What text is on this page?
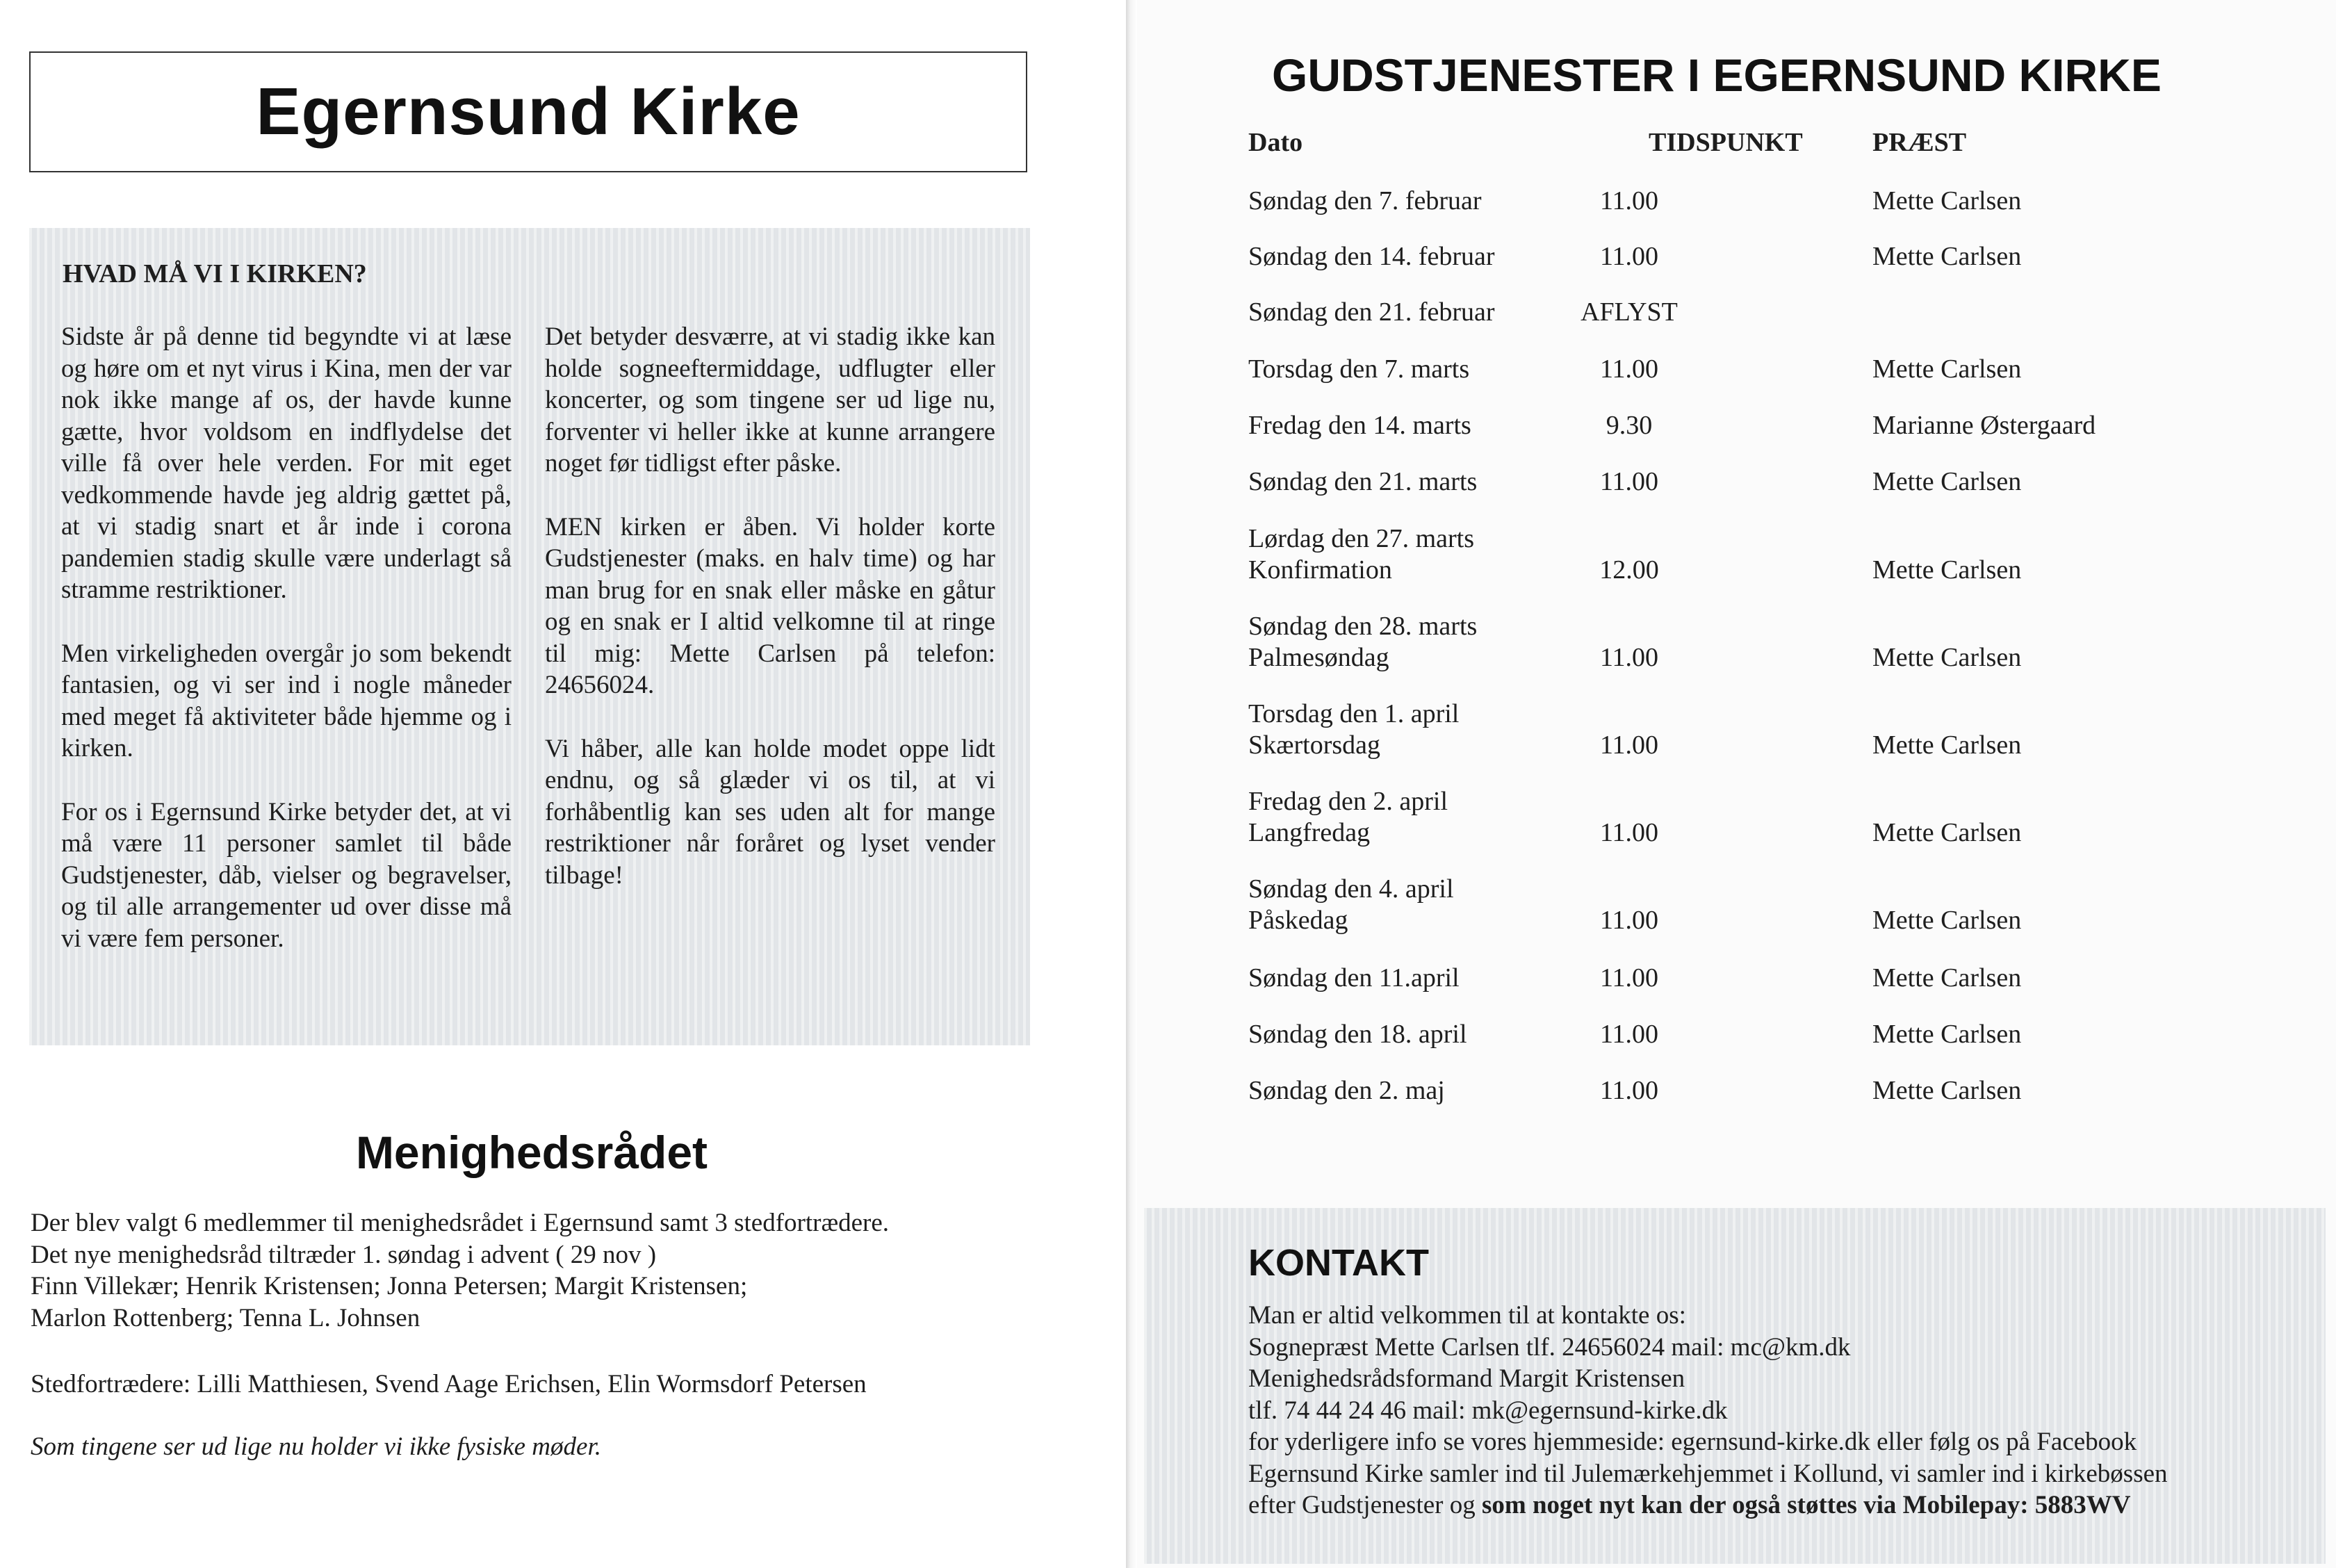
Egernsund Kirke
HVAD MÅ VI I KIRKEN?

Sidste år på denne tid begyndte vi at læse og høre om et nyt virus i Kina, men der var nok ikke mange af os, der havde kunne gætte, hvor voldsom en indflydelse det ville få over hele verden. For mit eget vedkommende havde jeg aldrig gættet på, at vi stadig snart et år inde i corona pandemien stadig skulle være underlagt så stramme restriktioner.

Men virkeligheden overgår jo som bekendt fantasien, og vi ser ind i nogle måneder med meget få aktiviteter både hjemme og i kirken.

For os i Egernsund Kirke betyder det, at vi må være 11 personer samlet til både Gudstjenester, dåb, vielser og begravelser, og til alle arrangementer ud over disse må vi være fem personer.

Det betyder desværre, at vi stadig ikke kan holde sogneeftermiddage, udflugter eller koncerter, og som tingene ser ud lige nu, forventer vi heller ikke at kunne arrangere noget før tidligst efter påske.

MEN kirken er åben. Vi holder korte Gudstjenester (maks. en halv time) og har man brug for en snak eller måske en gåtur og en snak er I altid velkomne til at ringe til mig: Mette Carlsen på telefon: 24656024.

Vi håber, alle kan holde modet oppe lidt endnu, og så glæder vi os til, at vi forhåbentlig kan ses uden alt for mange restriktioner når foråret og lyset vender tilbage!

Menighedsrådet
Der blev valgt 6 medlemmer til menighedsrådet i Egernsund samt 3 stedfortrædere.
Det nye menighedsråd tiltræder 1. søndag i advent ( 29 nov )
Finn Villekær; Henrik Kristensen; Jonna Petersen; Margit Kristensen;
Marlon Rottenberg; Tenna L. Johnsen
Stedfortrædere: Lilli Matthiesen, Svend Aage Erichsen, Elin Wormsdorf Petersen
Som tingene ser ud lige nu holder vi ikke fysiske møder.
GUDSTJENESTER I EGERNSUND KIRKE
Dato	TIDSPUNKT	PRÆST
Søndag den 7. februar	11.00	Mette Carlsen
Søndag den 14. februar	11.00	Mette Carlsen
Søndag den 21. februar	AFLYST
Torsdag den 7. marts	11.00	Mette Carlsen
Fredag den 14. marts	9.30	Marianne Østergaard
Søndag den 21. marts	11.00	Mette Carlsen
Lørdag den 27. marts
Konfirmation	12.00	Mette Carlsen
Søndag den 28. marts
Palmesøndag	11.00	Mette Carlsen
Torsdag den 1. april
Skærtorsdag	11.00	Mette Carlsen
Fredag den 2. april
Langfredag	11.00	Mette Carlsen
Søndag den 4. april
Påskedag	11.00	Mette Carlsen
Søndag den 11.april	11.00	Mette Carlsen
Søndag den 18. april	11.00	Mette Carlsen
Søndag den 2. maj	11.00	Mette Carlsen
KONTAKT
Man er altid velkommen til at kontakte os:
Sognepræst Mette Carlsen tlf. 24656024 mail: mc@km.dk
Menighedsrådsformand Margit Kristensen
tlf. 74 44 24 46 mail: mk@egernsund-kirke.dk
for yderligere info se vores hjemmeside: egernsund-kirke.dk eller følg os på Facebook
Egernsund Kirke samler ind til Julemærkehjemmet i Kollund, vi samler ind i kirkebøssen
efter Gudstjenester og som noget nyt kan der også støttes via Mobilepay: 5883WV
